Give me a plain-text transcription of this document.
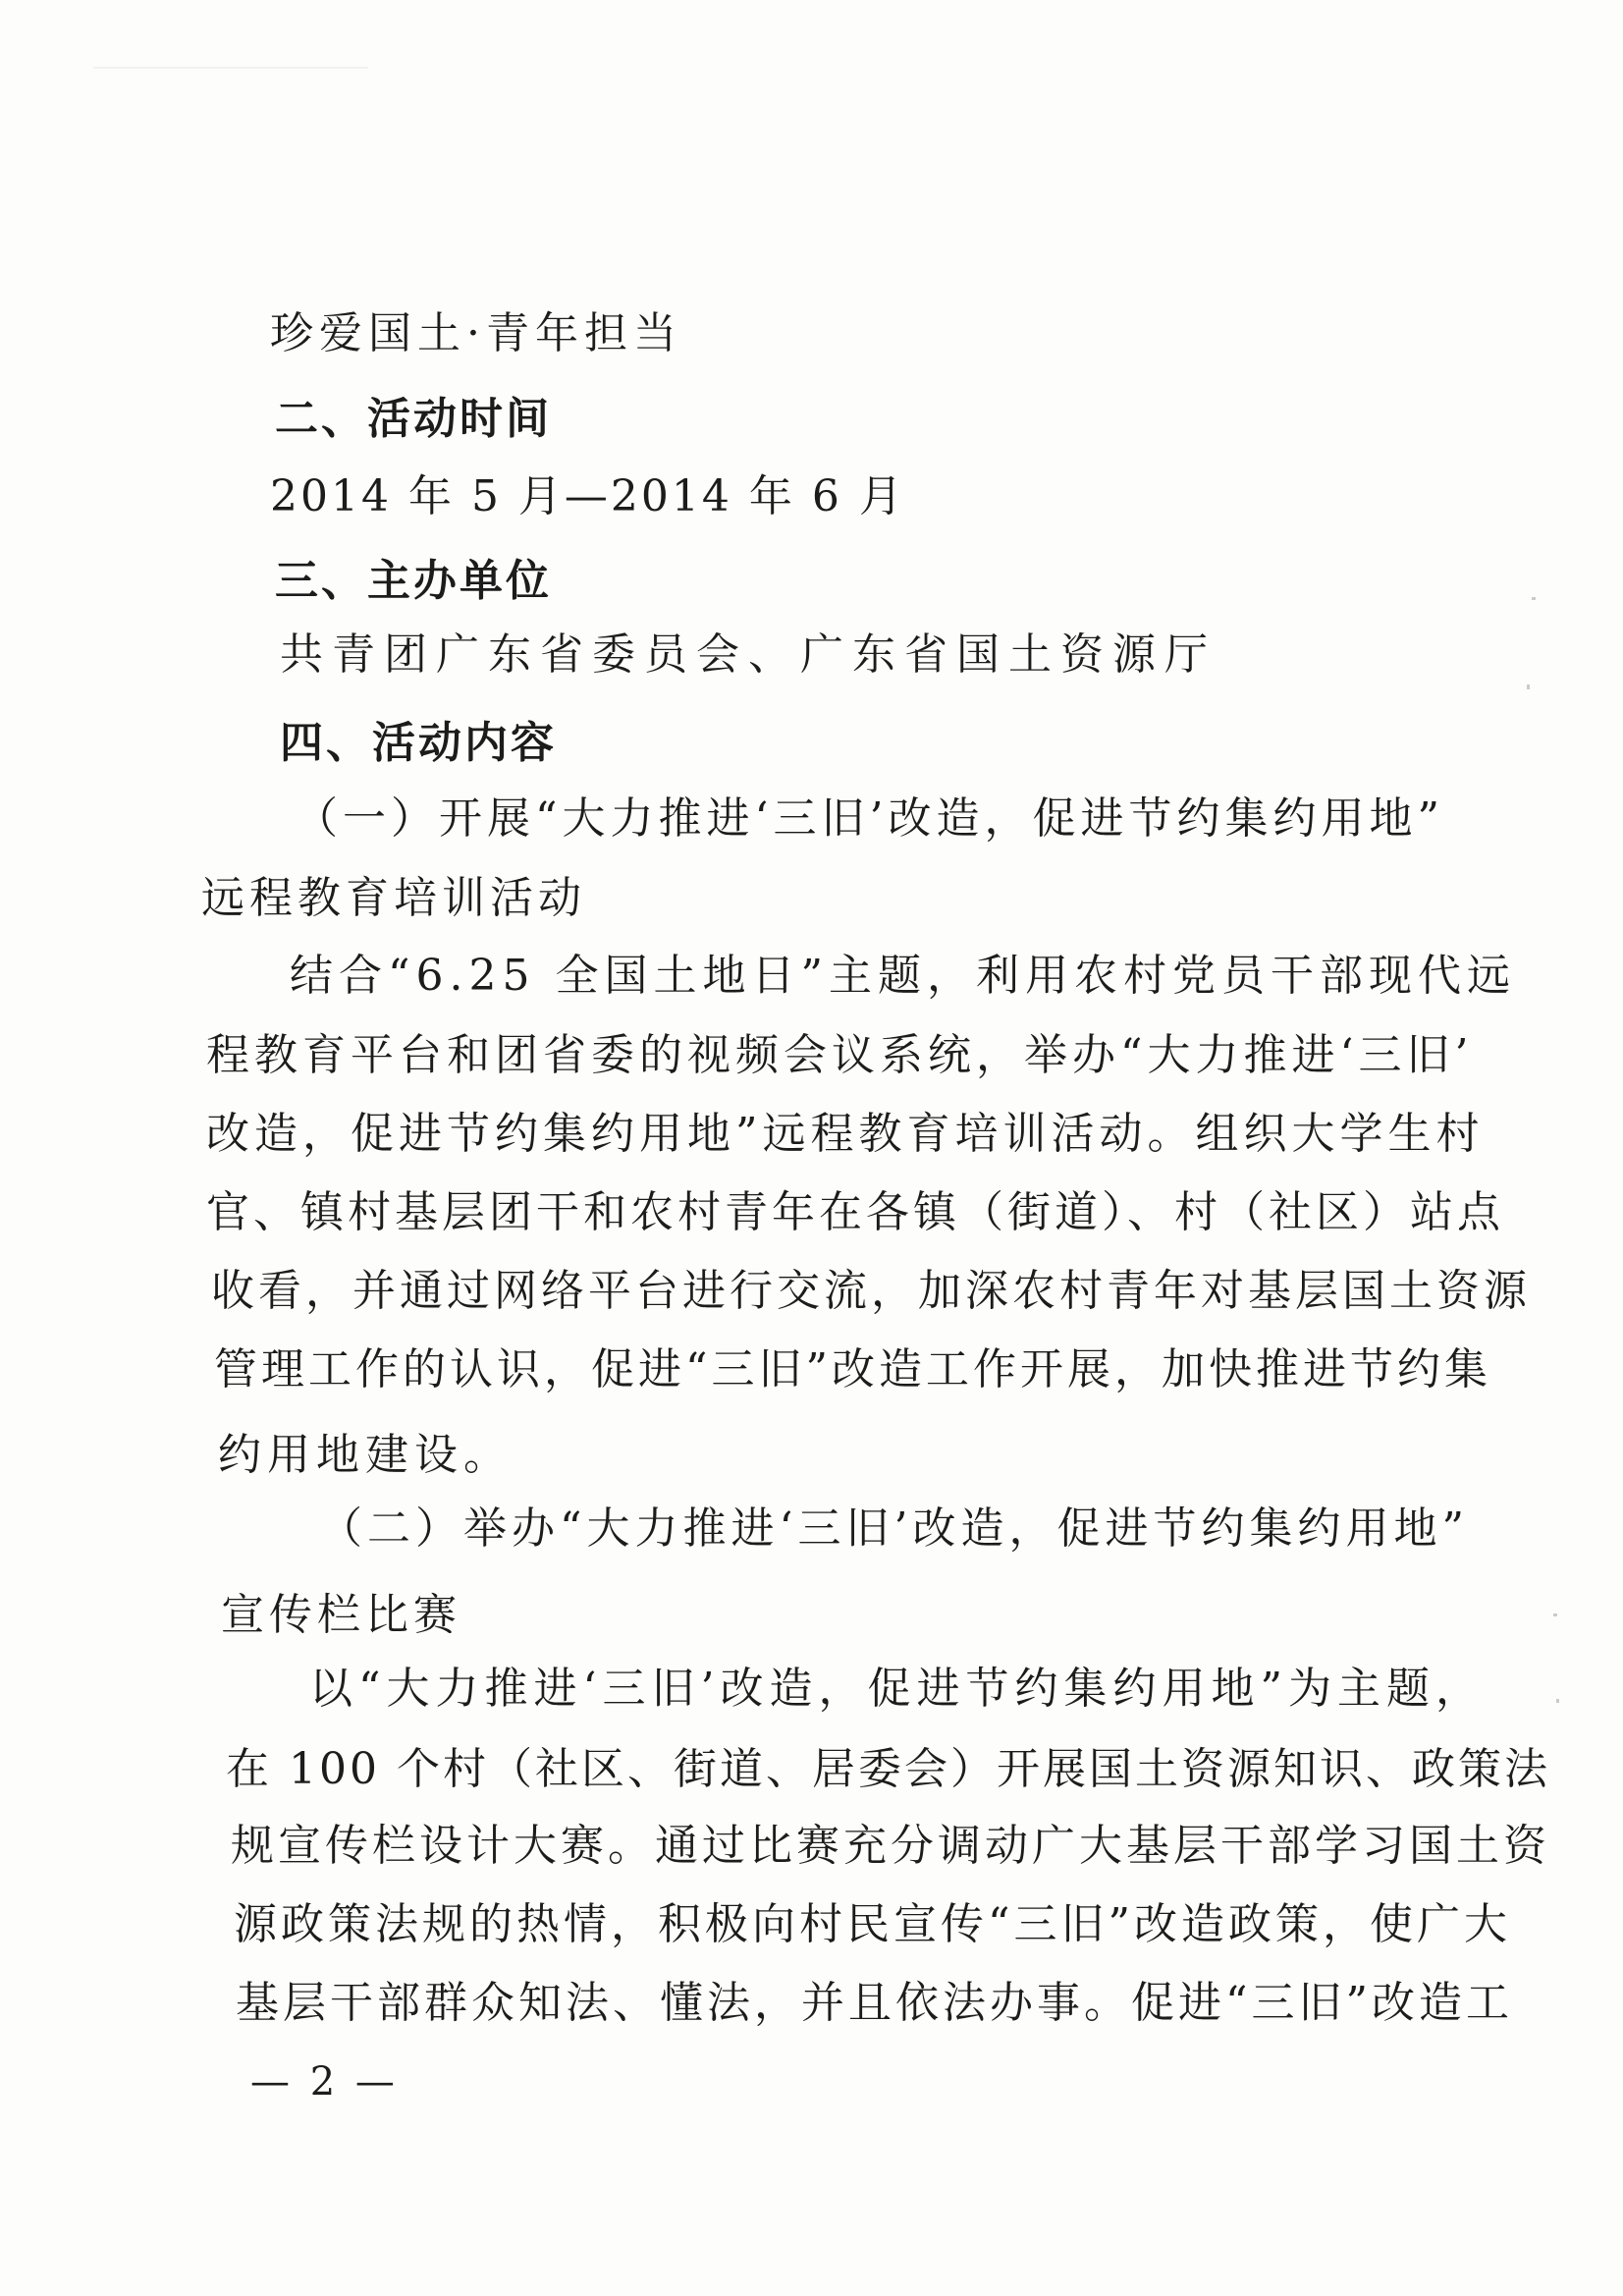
珍爱国土·青年担当

二、活动时间

2014 年 5 月—2014 年 6 月

三、主办单位

共青团广东省委员会、广东省国土资源厅

四、活动内容

（一）开展“大力推进‘三旧’改造，促进节约集约用地”

远程教育培训活动

结合“6.25 全国土地日”主题，利用农村党员干部现代远

程教育平台和团省委的视频会议系统，举办“大力推进‘三旧’

改造，促进节约集约用地”远程教育培训活动。组织大学生村

官、镇村基层团干和农村青年在各镇（街道）、村（社区）站点

收看，并通过网络平台进行交流，加深农村青年对基层国土资源

管理工作的认识，促进“三旧”改造工作开展，加快推进节约集

约用地建设。

（二）举办“大力推进‘三旧’改造，促进节约集约用地”

宣传栏比赛

以“大力推进‘三旧’改造，促进节约集约用地”为主题，

在 100 个村（社区、街道、居委会）开展国土资源知识、政策法

规宣传栏设计大赛。通过比赛充分调动广大基层干部学习国土资

源政策法规的热情，积极向村民宣传“三旧”改造政策，使广大

基层干部群众知法、懂法，并且依法办事。促进“三旧”改造工

— 2 —
